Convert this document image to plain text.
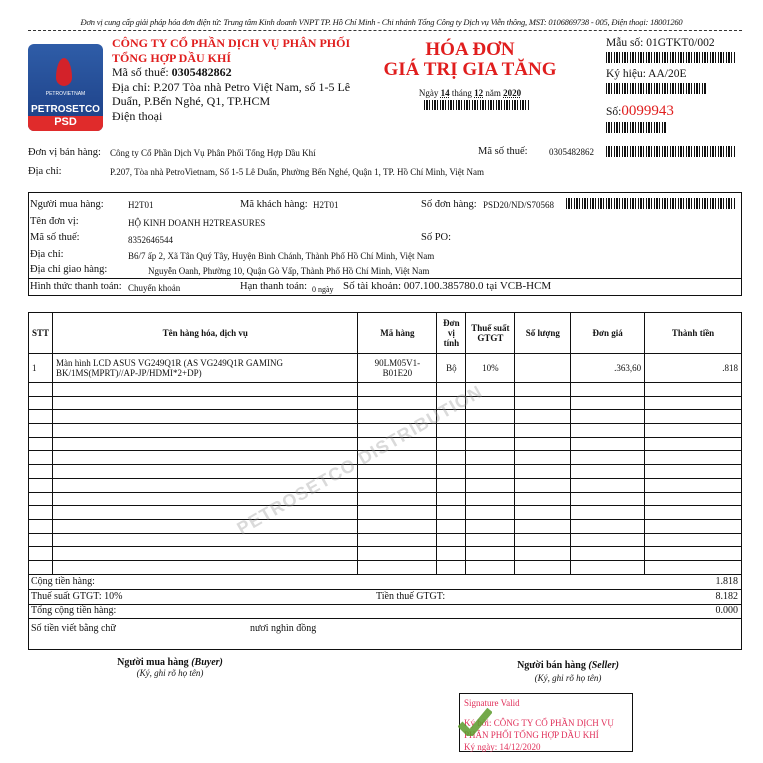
Đơn vị cung cấp giải pháp hóa đơn điện tử: Trung tâm Kinh doanh VNPT TP. Hồ Chí Minh - Chi nhánh Tổng Công ty Dịch vụ Viễn thông, MST: 0106869738 - 005, Điện thoại: 18001260
PETROVIETNAM
PETROSETCO
PSD
CÔNG TY CỔ PHẦN DỊCH VỤ PHÂN PHỐI
TỔNG HỢP DẦU KHÍ
Mã số thuế: 0305482862
Địa chỉ: P.207 Tòa nhà Petro Việt Nam, số 1-5 Lê
Duẩn, P.Bến Nghé, Q1, TP.HCM
Điện thoại
HÓA ĐƠN
GIÁ TRỊ GIA TĂNG
Ngày 14 tháng 12 năm 2020
Mẫu số: 01GTKT0/002
Ký hiệu: AA/20E
Số:0099943
Đơn vị bán hàng: Công ty Cổ Phần Dịch Vụ Phân Phối Tổng Hợp Dầu Khí	Mã số thuế: 0305482862
Địa chỉ:	P.207, Tòa nhà PetroVietnam, Số 1-5 Lê Duẩn, Phường Bến Nghé, Quận 1, TP. Hồ Chí Minh, Việt Nam
Người mua hàng:	H2T01	Mã khách hàng: H2T01	Số đơn hàng: PSD20/ND/S70568
Tên đơn vị:	HỘ KINH DOANH H2TREASURES
Mã số thuế:	8352646544	Số PO:
Địa chỉ:	B6/7 ấp 2, Xã Tân Quý Tây, Huyện Bình Chánh, Thành Phố Hồ Chí Minh, Việt Nam
Địa chỉ giao hàng:	Nguyễn Oanh, Phường 10, Quận Gò Vấp, Thành Phố Hồ Chí Minh, Việt Nam
Hình thức thanh toán: Chuyển khoản	Hạn thanh toán: 0 ngày Số tài khoản: 007.100.385780.0 tại VCB-HCM
STT	Tên hàng hóa, dịch vụ	Mã hàng	Đơn vị tính	Thuế suất GTGT	Số lượng	Đơn giá	Thành tiền
1	Màn hình LCD ASUS VG249Q1R (AS VG249Q1R GAMING BK/1MS(MPRT)//AP-JP/HDMI*2+DP)	90LM05V1-B01E20	Bộ	10%		.363,60	.818

PETROSETCO DISTRIBUTION
Cộng tiền hàng:	1.818
Thuế suất GTGT: 10%	Tiền thuế GTGT:	8.182
Tổng cộng tiền hàng:	0.000
Số tiền viết bằng chữ	nươi nghìn đồng
Người mua hàng (Buyer)
(Ký, ghi rõ họ tên)
Người bán hàng (Seller)
(Ký, ghi rõ họ tên)
Signature Valid
Ký bởi: CÔNG TY CỔ PHẦN DỊCH VỤ
PHÂN PHỐI TỔNG HỢP DẦU KHÍ
Ký ngày: 14/12/2020
